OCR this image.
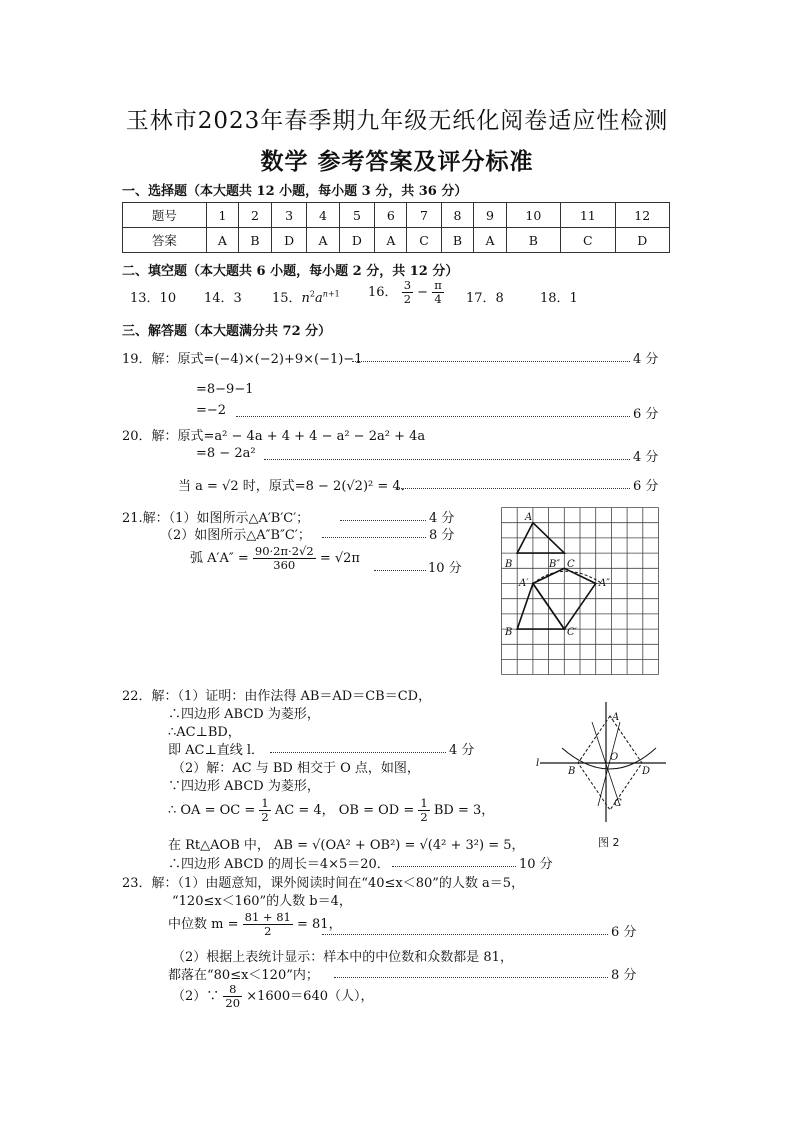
玉林市2023年春季期九年级无纸化阅卷适应性检测
数学 参考答案及评分标准
一、选择题（本大题共 12 小题，每小题 3 分，共 36 分）
题号	1	2	3	4	5	6	7	8	9	10	11	12
答案	A	B	D	A	D	A	C	B	A	B	C	D
二、填空题（本大题共 6 小题，每小题 2 分，共 12 分）
13．10 14．3 15．$n^2a^{n+1}$ 16． $\frac{3}{2} - \frac{\pi}{4} 17$．8	18．1
三、解答题（本大题满分共 72 分）
19．解：原式=(−4)×(−2)+9×(−1)−1	4 分
=8−9−1
=−2	6 分
20．解：原式=a² − 4a + 4 + 4 − a² − 2a² + 4a
=8 − 2a²	4 分
当 a = √2 时，原式=8 − 2(√2)² = 4．	6 分
21.解：（1）如图所示△A′B′C′；	4 分
（2）如图所示△A″B″C′；	8 分
弧 $A'A'' = \frac{90\cdot 2\pi\cdot 2√2}{360} = √2\pi$
10 分
A
B	C
B″
A′	A″
B	C′
22．解：（1）证明：由作法得 AB＝AD＝CB＝CD，
∴四边形 ABCD 为菱形，
∴AC⊥BD，
即 AC⊥直线 l．	4 分
（2）解：AC 与 BD 相交于 O 点，如图，
∵四边形 ABCD 为菱形，
∴ OA = OC = $\frac{1}{2}$ AC = 4， OB = OD = $\frac{1}{2}$ BD = 3，
在 Rt△AOB 中， AB = √(OA² + OB²) = √(4² + 3²) = 5，
∴四边形 ABCD 的周长＝4×5＝20．	10 分
A
l
B
O
D
C
图 2
23．解：（1）由题意知，课外阅读时间在“40≤x＜80”的人数 a＝5，
“120≤x＜160”的人数 b＝4，
中位数 $m = \frac{81 + 81}{2} = 81$，
6 分
（2）根据上表统计显示：样本中的中位数和众数都是 81，
都落在“80≤x＜120”内；	8 分
（2）∵ $\frac{8}{20} \times 1600=640$（人），
